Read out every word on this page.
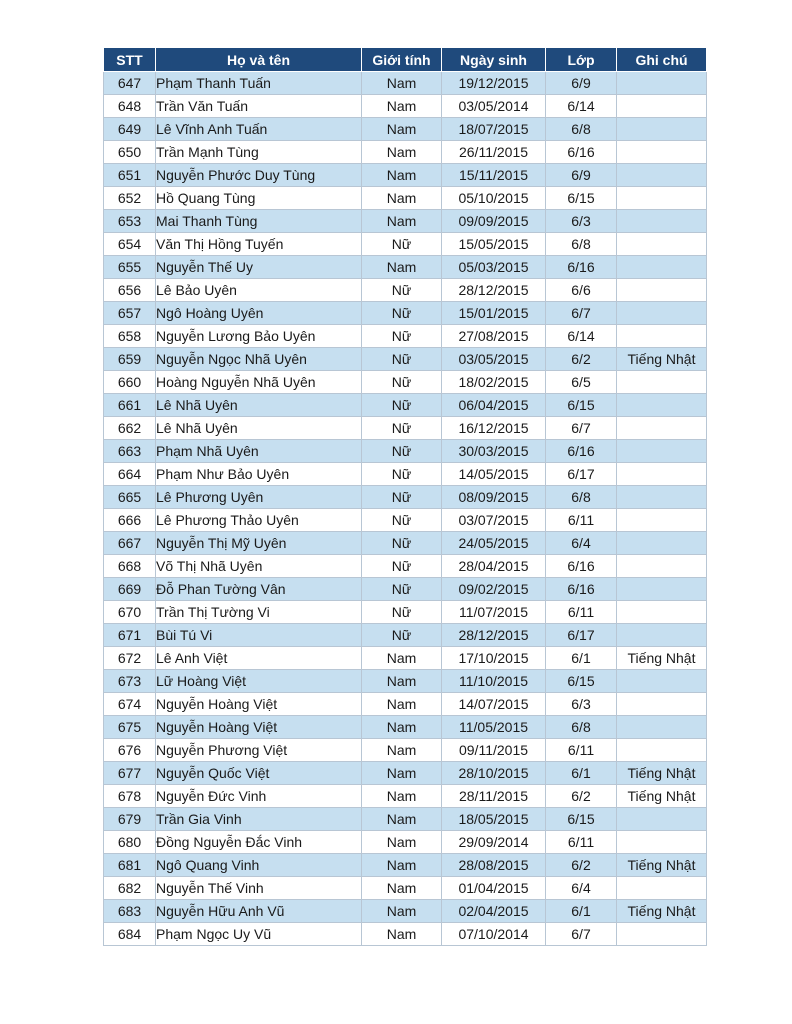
STT	Họ và tên	Giới tính	Ngày sinh	Lớp	Ghi chú
647	Phạm Thanh Tuấn	Nam	19/12/2015	6/9	
648	Trần Văn Tuấn	Nam	03/05/2014	6/14	
649	Lê Vĩnh Anh Tuấn	Nam	18/07/2015	6/8	
650	Trần Mạnh Tùng	Nam	26/11/2015	6/16	
651	Nguyễn Phước Duy Tùng	Nam	15/11/2015	6/9	
652	Hồ Quang Tùng	Nam	05/10/2015	6/15	
653	Mai Thanh Tùng	Nam	09/09/2015	6/3	
654	Văn Thị Hồng Tuyến	Nữ	15/05/2015	6/8	
655	Nguyễn Thế Uy	Nam	05/03/2015	6/16	
656	Lê Bảo Uyên	Nữ	28/12/2015	6/6	
657	Ngô Hoàng Uyên	Nữ	15/01/2015	6/7	
658	Nguyễn Lương Bảo Uyên	Nữ	27/08/2015	6/14	
659	Nguyễn Ngọc Nhã Uyên	Nữ	03/05/2015	6/2	Tiếng Nhật
660	Hoàng Nguyễn Nhã Uyên	Nữ	18/02/2015	6/5	
661	Lê Nhã Uyên	Nữ	06/04/2015	6/15	
662	Lê Nhã Uyên	Nữ	16/12/2015	6/7	
663	Phạm Nhã Uyên	Nữ	30/03/2015	6/16	
664	Phạm Như Bảo Uyên	Nữ	14/05/2015	6/17	
665	Lê Phương Uyên	Nữ	08/09/2015	6/8	
666	Lê Phương Thảo Uyên	Nữ	03/07/2015	6/11	
667	Nguyễn Thị Mỹ Uyên	Nữ	24/05/2015	6/4	
668	Võ Thị Nhã Uyên	Nữ	28/04/2015	6/16	
669	Đỗ Phan Tường Vân	Nữ	09/02/2015	6/16	
670	Trần Thị Tường Vi	Nữ	11/07/2015	6/11	
671	Bùi Tú Vi	Nữ	28/12/2015	6/17	
672	Lê Anh Việt	Nam	17/10/2015	6/1	Tiếng Nhật
673	Lữ Hoàng Việt	Nam	11/10/2015	6/15	
674	Nguyễn Hoàng Việt	Nam	14/07/2015	6/3	
675	Nguyễn Hoàng Việt	Nam	11/05/2015	6/8	
676	Nguyễn Phương Việt	Nam	09/11/2015	6/11	
677	Nguyễn Quốc Việt	Nam	28/10/2015	6/1	Tiếng Nhật
678	Nguyễn Đức Vinh	Nam	28/11/2015	6/2	Tiếng Nhật
679	Trần Gia Vinh	Nam	18/05/2015	6/15	
680	Đồng Nguyễn Đắc Vinh	Nam	29/09/2014	6/11	
681	Ngô Quang Vinh	Nam	28/08/2015	6/2	Tiếng Nhật
682	Nguyễn Thế Vinh	Nam	01/04/2015	6/4	
683	Nguyễn Hữu Anh Vũ	Nam	02/04/2015	6/1	Tiếng Nhật
684	Phạm Ngọc Uy Vũ	Nam	07/10/2014	6/7	
